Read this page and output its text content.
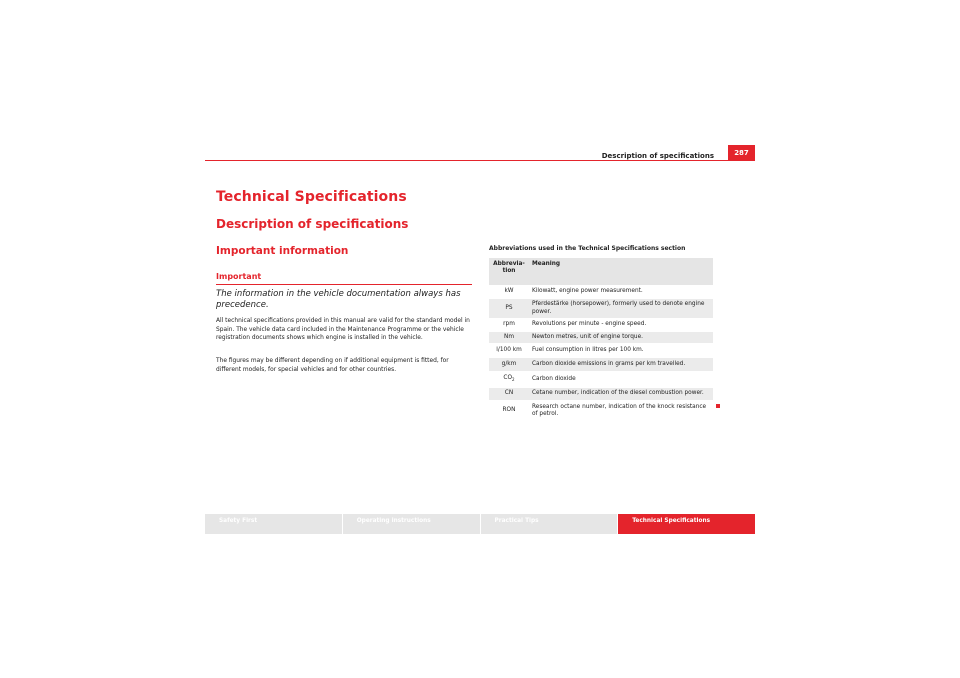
Description of specifications	287
Technical Specifications
Description of specifications
Important information
Important
The information in the vehicle documentation always has precedence.
All technical specifications provided in this manual are valid for the standard model in Spain. The vehicle data card included in the Maintenance Programme or the vehicle registration documents shows which engine is installed in the vehicle.
The figures may be different depending on if additional equipment is fitted, for different models, for special vehicles and for other countries.
Abbreviations used in the Technical Specifications section
Abbrevia-tion	Meaning
kW	Kilowatt, engine power measurement.
PS	Pferdestärke (horsepower), formerly used to denote engine power.
rpm	Revolutions per minute - engine speed.
Nm	Newton metres, unit of engine torque.
l/100 km	Fuel consumption in litres per 100 km.
g/km	Carbon dioxide emissions in grams per km travelled.
$CO_2$	Carbon dioxide
CN	Cetane number, indication of the diesel combustion power.
RON	Research octane number, indication of the knock resistance of petrol.
Safety First	Operating instructions	Practical Tips	Technical Specifications
